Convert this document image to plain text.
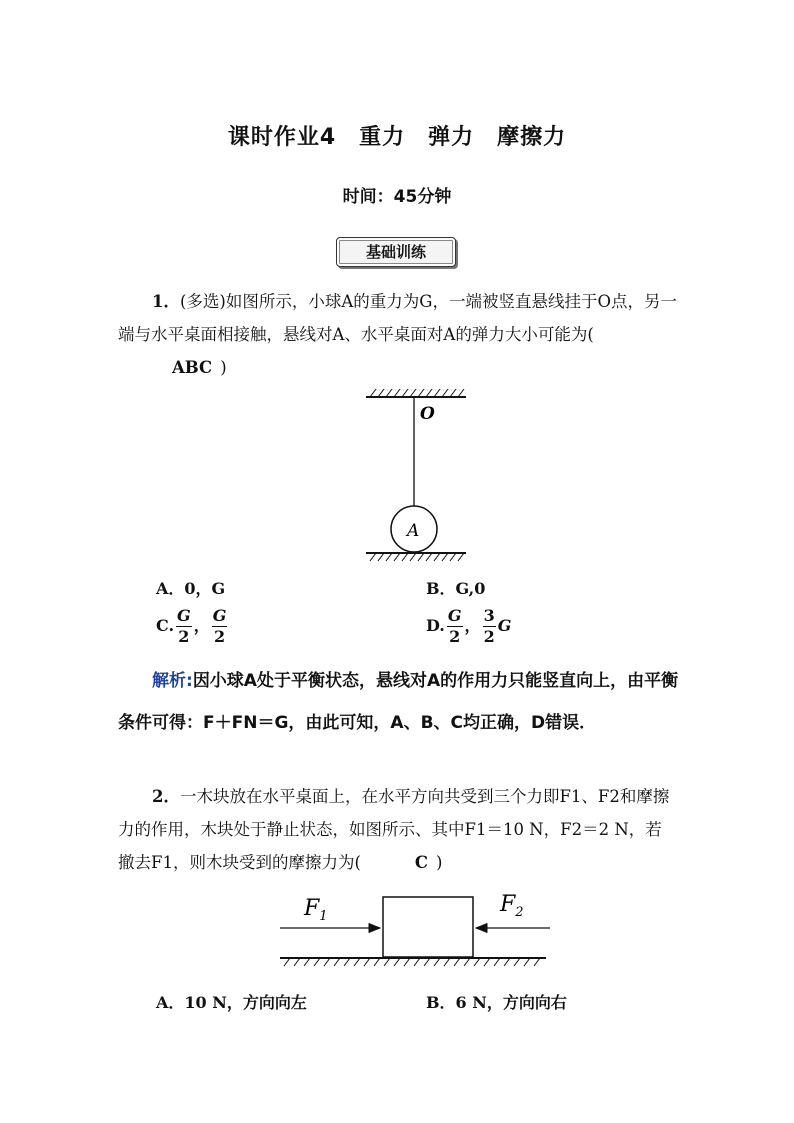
课时作业4　重力　弹力　摩擦力
时间：45分钟
基础训练
1．(多选)如图所示，小球A的重力为G，一端被竖直悬线挂于O点，另一端与水平桌面相接触，悬线对A、水平桌面对A的弹力大小可能为(ABC )
O
A
A．0，G	B．G,0
C. $\frac{G}{2}$ ， $\frac{G}{2}$	D. $\frac{G}{2}$ ， $\frac{3}{2}$ G
解析:因小球A处于平衡状态，悬线对A的作用力只能竖直向上，由平衡条件可得：F＋FN＝G，由此可知，A、B、C均正确，D错误．
2．一木块放在水平桌面上，在水平方向共受到三个力即F1、F2和摩擦力的作用，木块处于静止状态，如图所示、其中F1＝10 N，F2＝2 N，若撤去F1，则木块受到的摩擦力为(	C )
$F_1$	$F_2$
A．10 N，方向向左	B．6 N，方向向右
